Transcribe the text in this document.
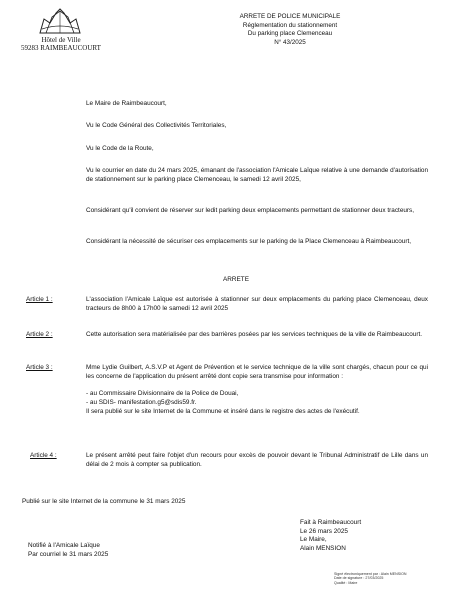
Hôtel de Ville
59283 RAIMBEAUCOURT
ARRETE DE POLICE MUNICIPALE
Réglementation du stationnement
Du parking place Clemenceau
N° 43/2025
Le Maire de Raimbeaucourt,
Vu le Code Général des Collectivités Territoriales,
Vu le Code de la Route,
Vu le courrier en date du 24 mars 2025, émanant de l'association l'Amicale Laïque relative à une demande d'autorisation de stationnement sur le parking place Clemenceau, le samedi 12 avril 2025,
Considérant qu'il convient de réserver sur ledit parking deux emplacements permettant de stationner deux tracteurs,
Considérant la nécessité de sécuriser ces emplacements sur le parking de la Place Clemenceau à Raimbeaucourt,
ARRETE
Article 1 :	L'association l'Amicale Laïque est autorisée à stationner sur deux emplacements du parking place Clemenceau, deux tracteurs de 8h00 à 17h00 le samedi 12 avril 2025
Article 2 :	Cette autorisation sera matérialisée par des barrières posées par les services techniques de la ville de Raimbeaucourt.
Article 3 :	Mme Lydie Guilbert, A.S.V.P et Agent de Prévention et le service technique de la ville sont chargés, chacun pour ce qui les concerne de l'application du présent arrêté dont copie sera transmise pour information :
- au Commissaire Divisionnaire de la Police de Douai,
- au SDIS- manifestation.g5@sdis59.fr.
Il sera publié sur le site Internet de la Commune et inséré dans le registre des actes de l'exécutif.
Article 4 :	Le présent arrêté peut faire l'objet d'un recours pour excès de pouvoir devant le Tribunal Administratif de Lille dans un délai de 2 mois à compter sa publication.
Publié sur le site Internet de la commune le 31 mars 2025
Fait à Raimbeaucourt
Le 26 mars 2025
Le Maire,
Alain MENSION
Notifié à l'Amicale Laïque
Par courriel le 31 mars 2025
Signé électroniquement par : Alain MENSION
Date de signature : 27/03/2025
Qualité : Maire
